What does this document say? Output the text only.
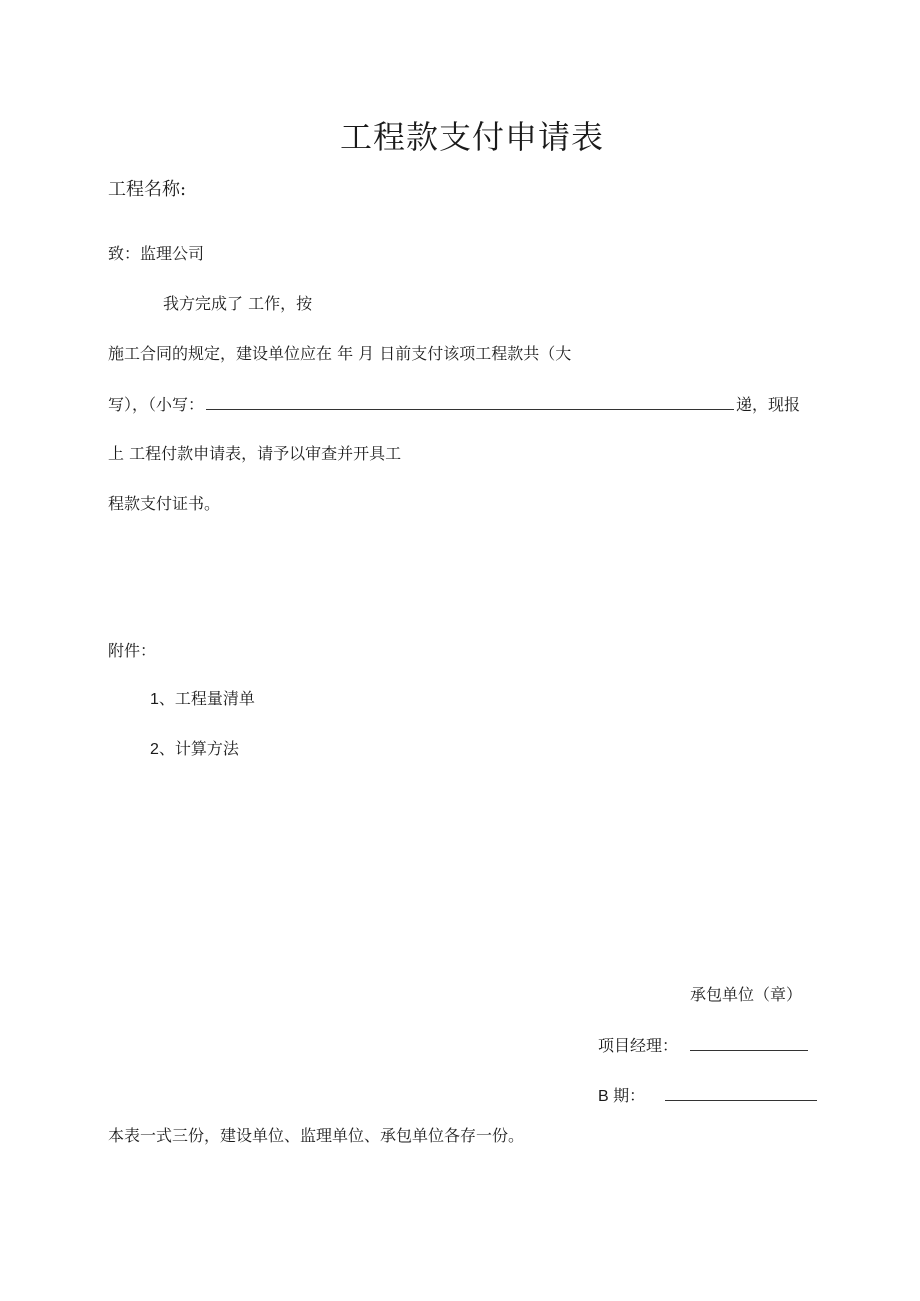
工程款支付申请表
工程名称:
致：监理公司
我方完成了 工作，按
施工合同的规定，建设单位应在 年 月 日前支付该项工程款共（大
写），（小写：	递，现报
上 工程付款申请表，请予以审查并开具工
程款支付证书。
附件：
1、工程量清单
2、计算方法
承包单位（章）
项目经理：
B 期：
本表一式三份，建设单位、监理单位、承包单位各存一份。
